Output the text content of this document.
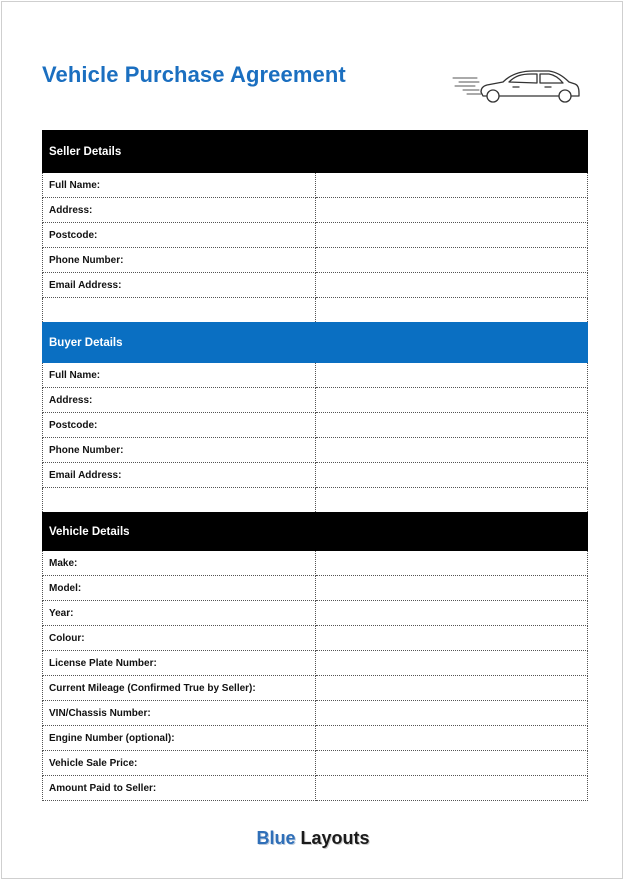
Vehicle Purchase Agreement
Seller Details	
Full Name:	
Address:	
Postcode:	
Phone Number:	
Email Address:	

Buyer Details	
Full Name:	
Address:	
Postcode:	
Phone Number:	
Email Address:	

Vehicle Details	
Make:	
Model:	
Year:	
Colour:	
License Plate Number:	
Current Mileage (Confirmed True by Seller):	
VIN/Chassis Number:	
Engine Number (optional):	
Vehicle Sale Price:	
Amount Paid to Seller:	
Blue Layouts
